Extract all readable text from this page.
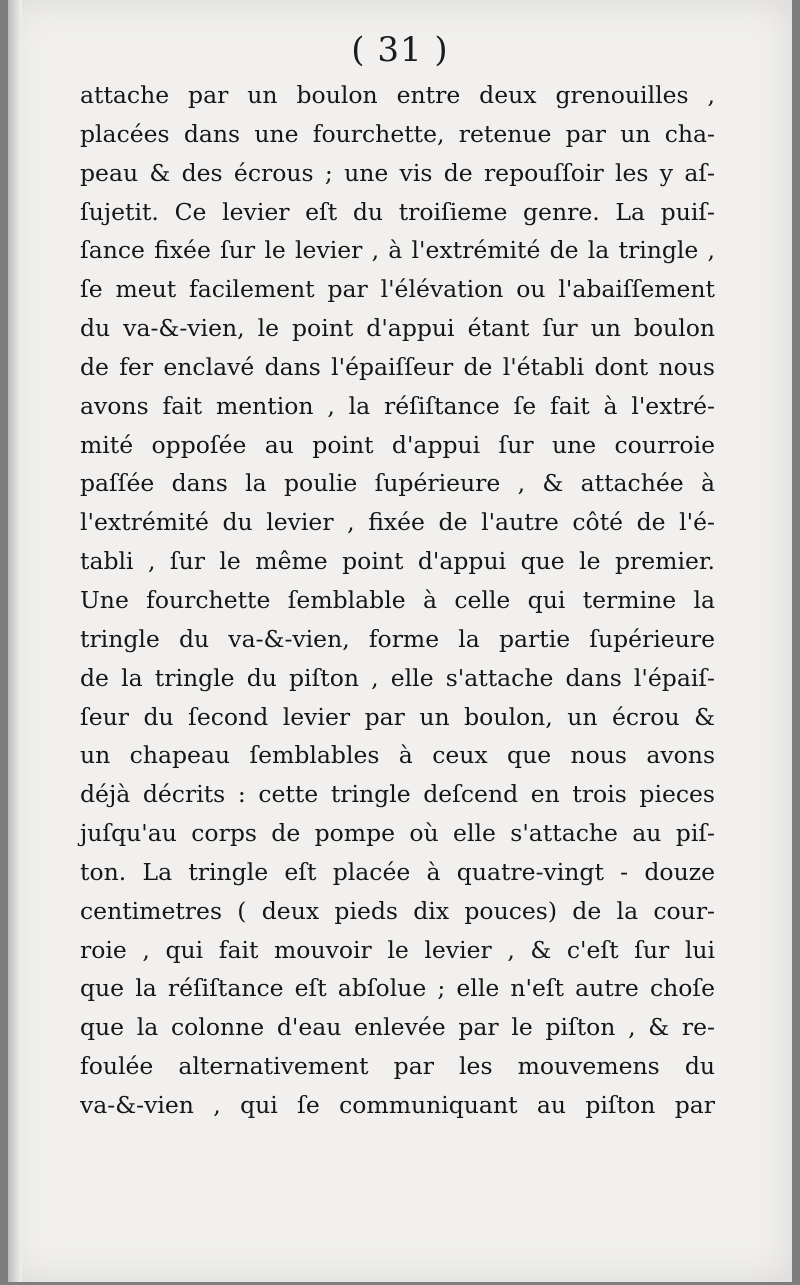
( 31 )
attache par un boulon entre deux grenouilles ,
placées dans une fourchette, retenue par un cha-
peau & des écrous ; une vis de repouſſoir les y aſ-
ſujetit. Ce levier eſt du troiſieme genre. La puiſ-
ſance fixée ſur le levier , à l'extrémité de la tringle ,
ſe meut facilement par l'élévation ou l'abaiſſement
du va-&-vien, le point d'appui étant ſur un boulon
de fer enclavé dans l'épaiſſeur de l'établi dont nous
avons fait mention , la réſiſtance ſe fait à l'extré-
mité oppoſée au point d'appui ſur une courroie
paſſée dans la poulie ſupérieure , & attachée à
l'extrémité du levier , fixée de l'autre côté de l'é-
tabli , ſur le même point d'appui que le premier.
Une fourchette ſemblable à celle qui termine la
tringle du va-&-vien, forme la partie ſupérieure
de la tringle du piſton , elle s'attache dans l'épaiſ-
ſeur du ſecond levier par un boulon, un écrou &
un chapeau ſemblables à ceux que nous avons
déjà décrits : cette tringle deſcend en trois pieces
juſqu'au corps de pompe où elle s'attache au piſ-
ton. La tringle eſt placée à quatre-vingt - douze
centimetres ( deux pieds dix pouces) de la cour-
roie , qui fait mouvoir le levier , & c'eſt ſur lui
que la réſiſtance eſt abſolue ; elle n'eſt autre choſe
que la colonne d'eau enlevée par le piſton , & re-
foulée alternativement par les mouvemens du
va-&-vien , qui ſe communiquant au piſton par
